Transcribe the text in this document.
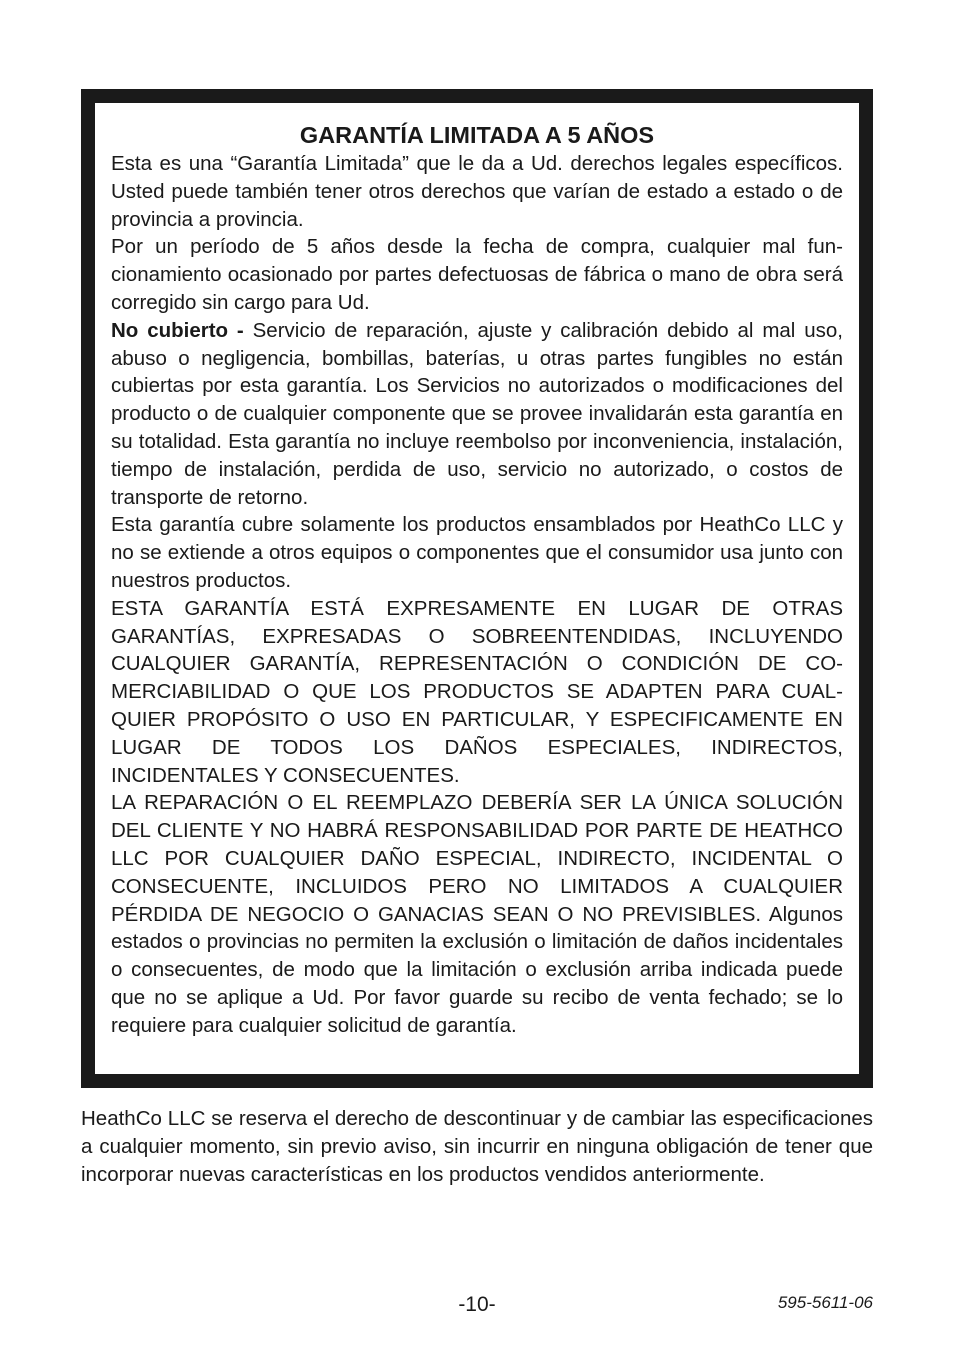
GARANTÍA LIMITADA A 5 AÑOS

Esta es una “Garantía Limitada” que le da a Ud. derechos legales específicos. Usted puede también tener otros derechos que varían de estado a estado o de provincia a provincia.

Por un período de 5 años desde la fecha de compra, cualquier mal funcionamiento ocasionado por partes defectuosas de fábrica o mano de obra será corregido sin cargo para Ud.

No cubierto - Servicio de reparación, ajuste y calibración debido al mal uso, abuso o negligencia, bombillas, baterías, u otras partes fungibles no están cubiertas por esta garantía. Los Servicios no autorizados o modificaciones del producto o de cualquier componente que se provee invalidarán esta garantía en su totalidad. Esta garantía no incluye reembolso por inconveniencia, instalación, tiempo de instalación, perdida de uso, servicio no autorizado, o costos de transporte de retorno.

Esta garantía cubre solamente los productos ensamblados por HeathCo LLC y no se extiende a otros equipos o componentes que el consumidor usa junto con nuestros productos.

ESTA GARANTÍA ESTÁ EXPRESAMENTE EN LUGAR DE OTRAS GARANTÍAS, EXPRESADAS O SOBREENTENDIDAS, INCLUYENDO CUALQUIER GARANTÍA, REPRESENTACIÓN O CONDICIÓN DE COMERCIABILIDAD O QUE LOS PRODUCTOS SE ADAPTEN PARA CUALQUIER PROPÓSITO O USO EN PARTICULAR, Y ESPECIFICAMENTE EN LUGAR DE TODOS LOS DAÑOS ESPECIALES, INDIRECTOS, INCIDENTALES Y CONSECUENTES.

LA REPARACIÓN O EL REEMPLAZO DEBERÍA SER LA ÚNICA SOLUCIÓN DEL CLIENTE Y NO HABRÁ RESPONSABILIDAD POR PARTE DE HEATHCO LLC POR CUALQUIER DAÑO ESPECIAL, INDIRECTO, INCIDENTAL O CONSECUENTE, INCLUIDOS PERO NO LIMITADOS A CUALQUIER PÉRDIDA DE NEGOCIO O GANACIAS SEAN O NO PREVISIBLES. Algunos estados o provincias no permiten la exclusión o limitación de daños incidentales o consecuentes, de modo que la limitación o exclusión arriba indicada puede que no se aplique a Ud. Por favor guarde su recibo de venta fechado; se lo requiere para cualquier solicitud de garantía.

HeathCo LLC se reserva el derecho de descontinuar y de cambiar las especificaciones a cualquier momento, sin previo aviso, sin incurrir en ninguna obligación de tener que incorporar nuevas características en los productos vendidos anteriormente.

-10-	595-5611-06
